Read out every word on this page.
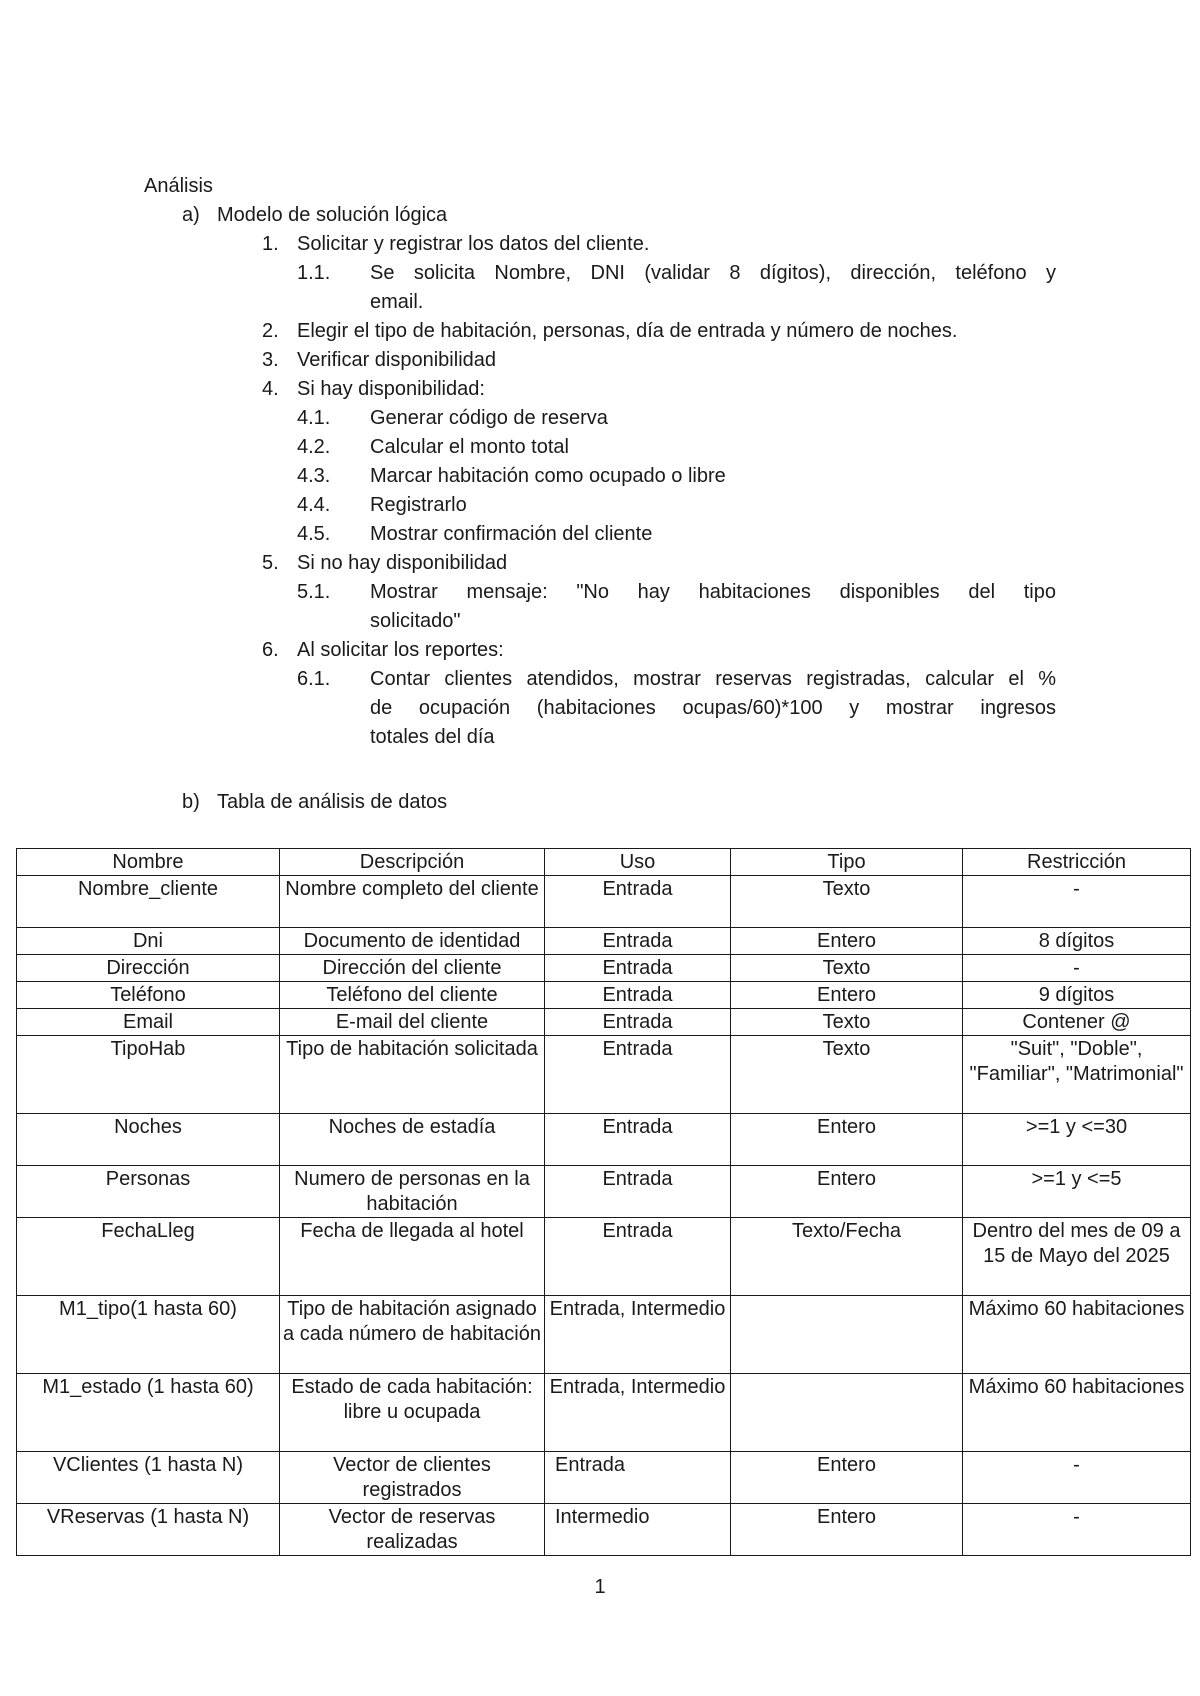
Análisis
a) Modelo de solución lógica
1. Solicitar y registrar los datos del cliente.
1.1. Se solicita Nombre, DNI (validar 8 dígitos), dirección, teléfono y
email.
2. Elegir el tipo de habitación, personas, día de entrada y número de noches.
3. Verificar disponibilidad
4. Si hay disponibilidad:
4.1. Generar código de reserva
4.2. Calcular el monto total
4.3. Marcar habitación como ocupado o libre
4.4. Registrarlo
4.5. Mostrar confirmación del cliente
5. Si no hay disponibilidad
5.1. Mostrar mensaje: "No hay habitaciones disponibles del tipo
solicitado"
6. Al solicitar los reportes:
6.1. Contar clientes atendidos, mostrar reservas registradas, calcular el %
de ocupación (habitaciones ocupas/60)*100 y mostrar ingresos
totales del día
b) Tabla de análisis de datos
Nombre	Descripción	Uso	Tipo	Restricción
Nombre_cliente	Nombre completo del cliente	Entrada	Texto	-
Dni	Documento de identidad	Entrada	Entero	8 dígitos
Dirección	Dirección del cliente	Entrada	Texto	-
Teléfono	Teléfono del cliente	Entrada	Entero	9 dígitos
Email	E-mail del cliente	Entrada	Texto	Contener @
TipoHab	Tipo de habitación solicitada	Entrada	Texto	"Suit", "Doble", "Familiar", "Matrimonial"
Noches	Noches de estadía	Entrada	Entero	>=1 y <=30
Personas	Numero de personas en la habitación	Entrada	Entero	>=1 y <=5
FechaLleg	Fecha de llegada al hotel	Entrada	Texto/Fecha	Dentro del mes de 09 a 15 de Mayo del 2025
M1_tipo(1 hasta 60)	Tipo de habitación asignado a cada número de habitación	Entrada, Intermedio		Máximo 60 habitaciones
M1_estado (1 hasta 60)	Estado de cada habitación: libre u ocupada	Entrada, Intermedio		Máximo 60 habitaciones
VClientes (1 hasta N)	Vector de clientes registrados	Entrada	Entero	-
VReservas (1 hasta N)	Vector de reservas realizadas	Intermedio	Entero	-
1
